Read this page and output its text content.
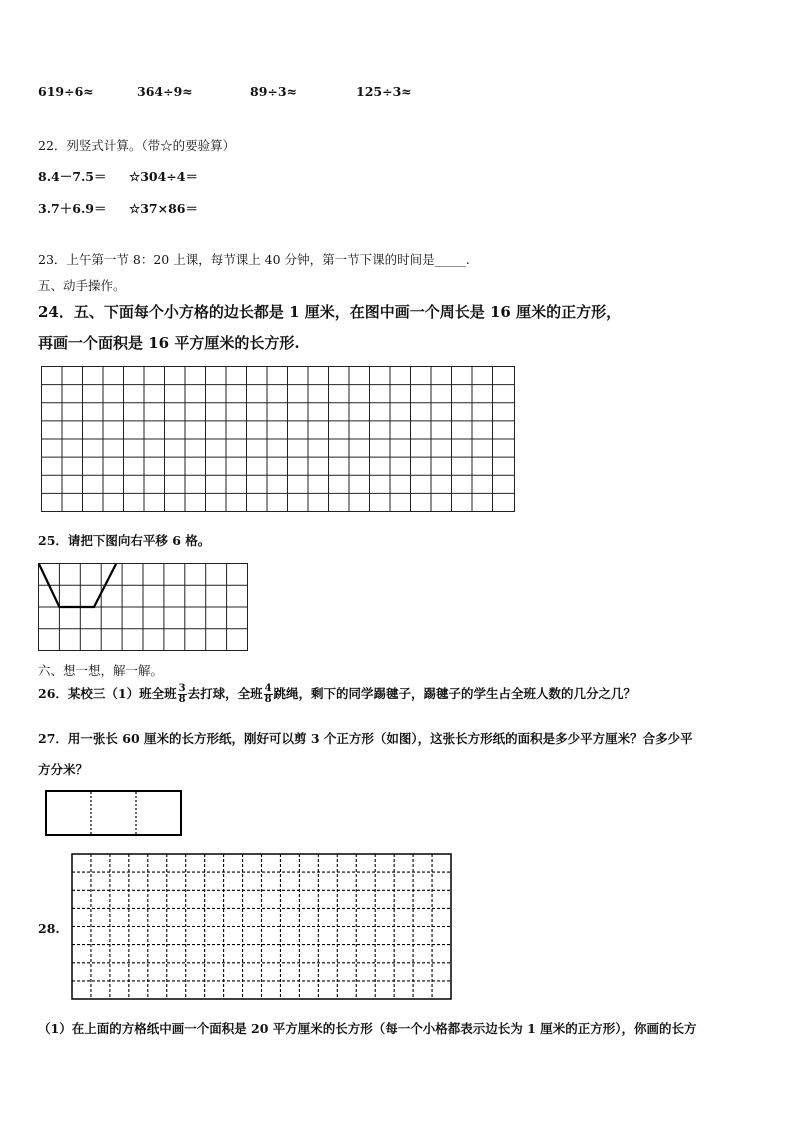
619÷6≈	364÷9≈	89÷3≈	125÷3≈
22．列竖式计算。（带☆的要验算）
8.4－7.5＝ ☆304÷4＝
3.7＋6.9＝ ☆37×86＝
23．上午第一节 8：20 上课，每节课上 40 分钟，第一节下课的时间是_____.
五、动手操作。
24．五、下面每个小方格的边长都是 1 厘米，在图中画一个周长是 16 厘米的正方形，
再画一个面积是 16 平方厘米的长方形.
25．请把下图向右平移 6 格。
六、想一想，解一解。
26．某校三（1）班全班 $\frac{3}{8}$ 去打球，全班 $\frac{4}{8}$ 跳绳，剩下的同学踢毽子，踢毽子的学生占全班人数的几分之几？
27．用一张长 60 厘米的长方形纸，刚好可以剪 3 个正方形（如图），这张长方形纸的面积是多少平方厘米？合多少平
方分米？
28.
（1）在上面的方格纸中画一个面积是 20 平方厘米的长方形（每一个小格都表示边长为 1 厘米的正方形），你画的长方
